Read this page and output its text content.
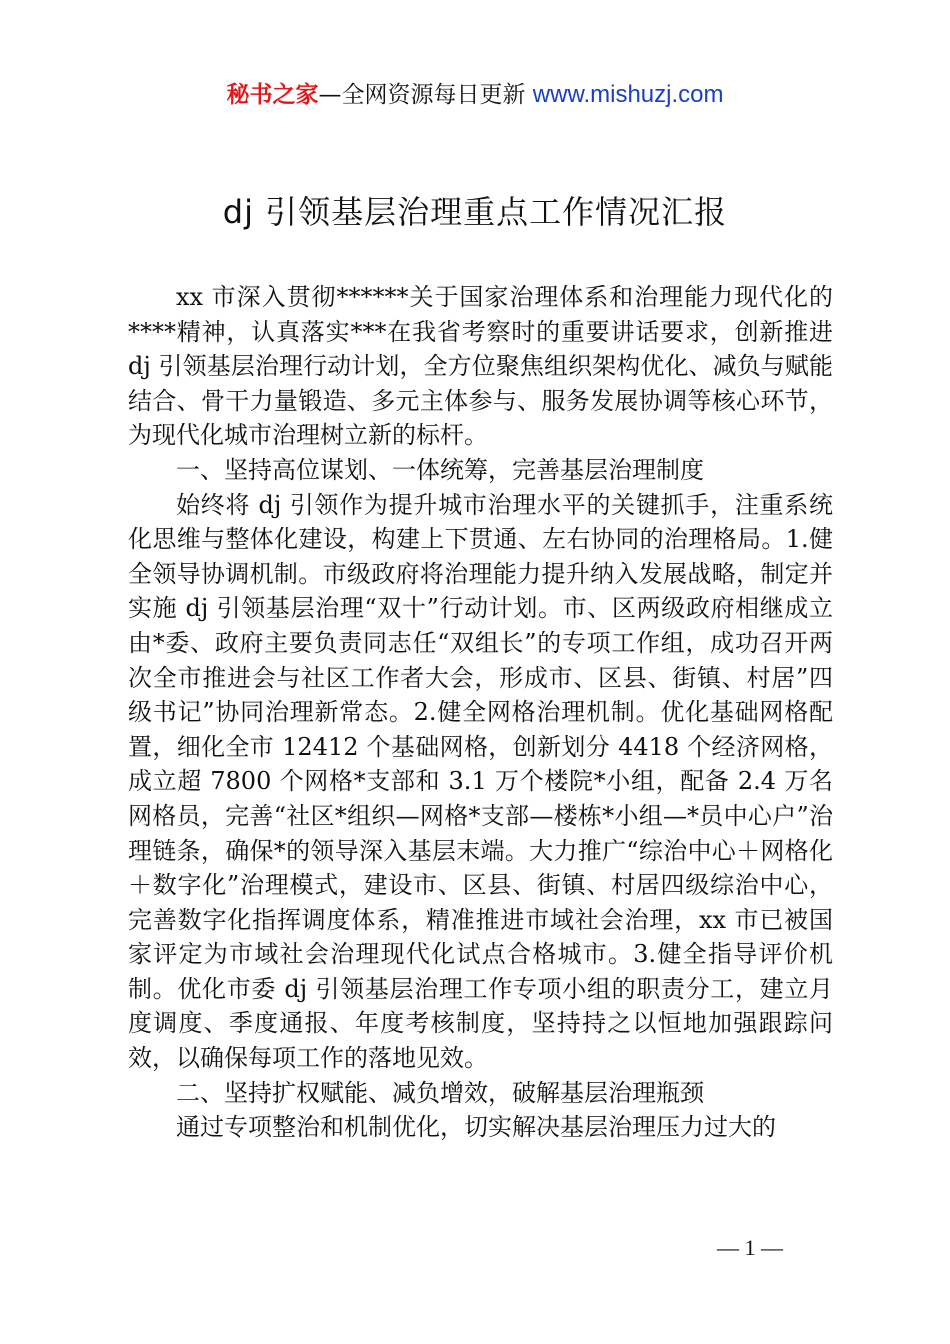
秘书之家—全网资源每日更新 www.mishuzj.com
dj 引领基层治理重点工作情况汇报

xx 市深入贯彻******关于国家治理体系和治理能力现代化的****精神，认真落实***在我省考察时的重要讲话要求，创新推进 dj 引领基层治理行动计划，全方位聚焦组织架构优化、减负与赋能结合、骨干力量锻造、多元主体参与、服务发展协调等核心环节，为现代化城市治理树立新的标杆。

一、坚持高位谋划、一体统筹，完善基层治理制度

始终将 dj 引领作为提升城市治理水平的关键抓手，注重系统化思维与整体化建设，构建上下贯通、左右协同的治理格局。1.健全领导协调机制。市级政府将治理能力提升纳入发展战略，制定并实施 dj 引领基层治理“双十”行动计划。市、区两级政府相继成立由*委、政府主要负责同志任“双组长”的专项工作组，成功召开两次全市推进会与社区工作者大会，形成市、区县、街镇、村居”四级书记”协同治理新常态。2.健全网格治理机制。优化基础网格配置，细化全市 12412 个基础网格，创新划分 4418 个经济网格，成立超 7800 个网格*支部和 3.1 万个楼院*小组，配备 2.4 万名网格员，完善“社区*组织—网格*支部—楼栋*小组—*员中心户”治理链条，确保*的领导深入基层末端。大力推广“综治中心＋网格化＋数字化”治理模式，建设市、区县、街镇、村居四级综治中心，完善数字化指挥调度体系，精准推进市域社会治理，xx 市已被国家评定为市域社会治理现代化试点合格城市。3.健全指导评价机制。优化市委 dj 引领基层治理工作专项小组的职责分工，建立月度调度、季度通报、年度考核制度，坚持持之以恒地加强跟踪问效，以确保每项工作的落地见效。

二、坚持扩权赋能、减负增效，破解基层治理瓶颈

通过专项整治和机制优化，切实解决基层治理压力过大的

— 1 —
